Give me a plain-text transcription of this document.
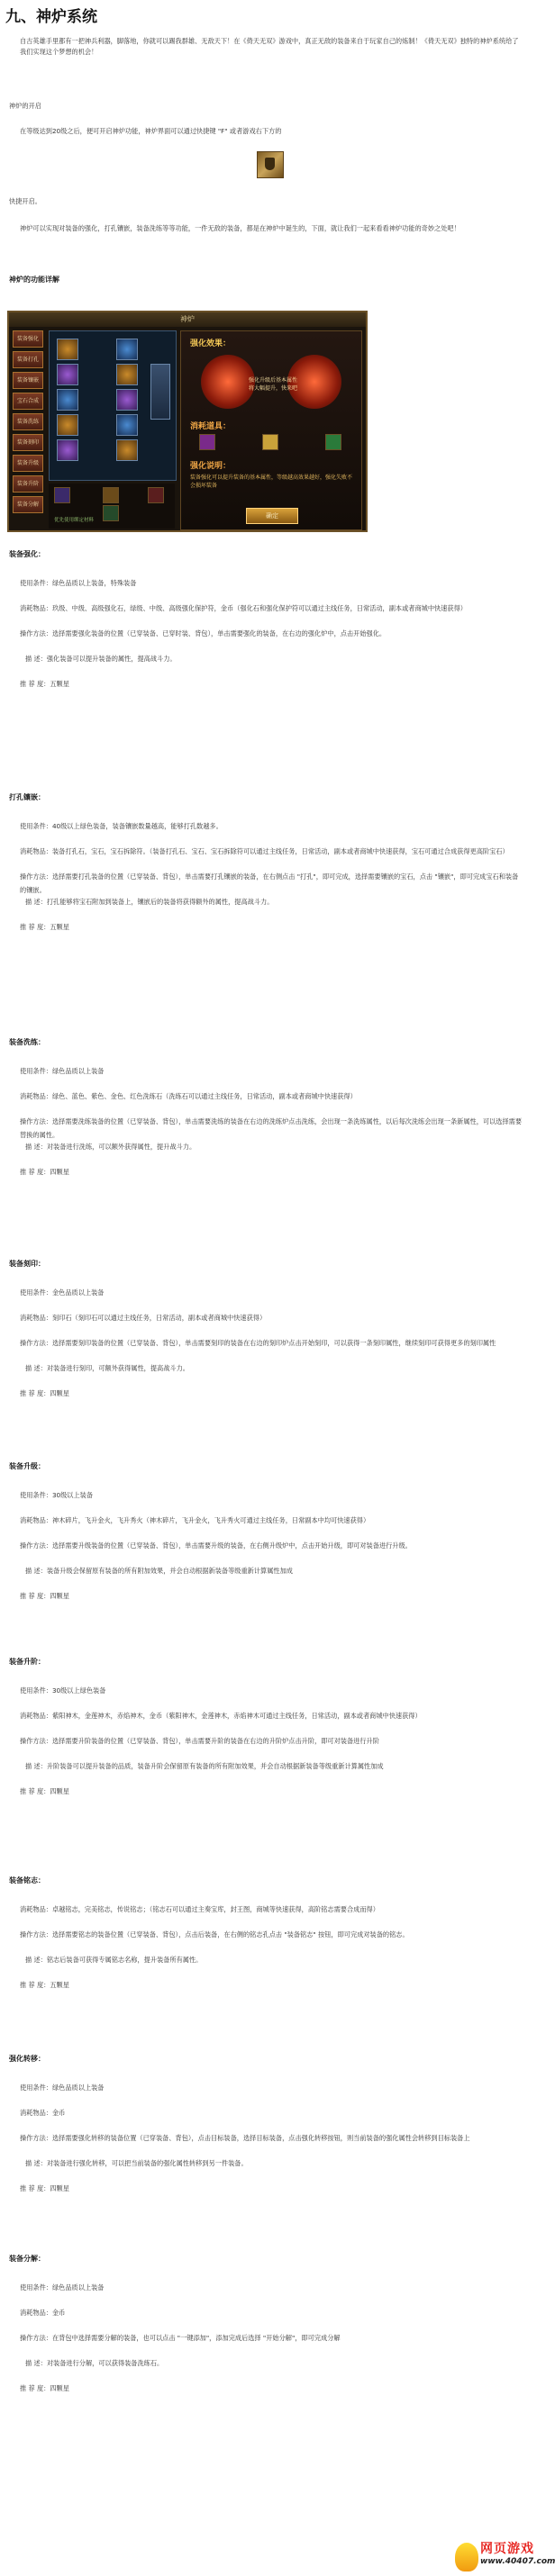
九、神炉系统
自古英雄手里都有一把神兵利器，脚落地，你就可以踢我群雄、无敌天下！在《倚天无双》游戏中，真正无敌的装备来自于玩家自己的炼制！《倚天无双》独特的神炉系统给了我们实现这个梦想的机会！
神炉的开启
在等级达到20级之后，便可开启神炉功能，神炉界面可以通过快捷键 "F" 或者游戏右下方的
快捷开启。
神炉可以实现对装备的强化，打孔镶嵌，装备洗练等等功能，一件无敌的装备，都是在神炉中诞生的，下面，就让我们一起来看看神炉功能的奇妙之处吧！
神炉的功能详解
神炉
装备强化
装备打孔
装备镶嵌
宝石合成
装备洗练
装备刻印
装备升级
装备升阶
装备分解
优先使用绑定材料
强化效果：
强化升级后基本属性
将大幅提升，快来吧
消耗道具：
强化说明：
装备强化可以提升装备的基本属性，等级越高效果越好，强化失败不会损坏装备
确定
装备强化：
使用条件：绿色品质以上装备，特殊装备
消耗物品：玖级、中级、高级强化石，绿级、中级、高级强化保护符，金币（强化石和强化保护符可以通过主线任务，日常活动，副本或者商城中快速获得）
操作方法：选择需要强化装备的位置（已穿装备、已穿时装、背包），单击需要强化的装备，在右边的强化炉中，点击开始强化。
描 述：强化装备可以提升装备的属性，提高战斗力。
推 荐 度：五颗星
打孔镶嵌：
使用条件：40级以上绿色装备，装备镶嵌数量越高，能够打孔数越多。
消耗物品：装备打孔石，宝石，宝石拆除符。（装备打孔石、宝石、宝石拆除符可以通过主线任务，日常活动，副本或者商城中快速获得，宝石可通过合成获得更高阶宝石）
操作方法：选择需要打孔装备的位置（已穿装备、背包），单击需要打孔镶嵌的装备，在右侧点击 "打孔"，即可完成，选择需要镶嵌的宝石，点击 "镶嵌"，即可完成宝石和装备的镶嵌。
描 述：打孔能够将宝石附加到装备上，镶嵌后的装备将获得额外的属性，提高战斗力。
推 荐 度：五颗星
装备洗练：
使用条件：绿色品质以上装备
消耗物品：绿色、蓝色、紫色、金色、红色洗练石（洗练石可以通过主线任务，日常活动，副本或者商城中快速获得）
操作方法：选择需要洗练装备的位置（已穿装备、背包），单击需要洗练的装备在右边的洗练炉点击洗练，会出现一条洗练属性，以后每次洗练会出现一条新属性，可以选择需要替换的属性。
描 述：对装备进行洗练，可以额外获得属性，提升战斗力。
推 荐 度：四颗星
装备刻印：
使用条件：金色品质以上装备
消耗物品：刻印石（刻印石可以通过主线任务，日常活动，副本或者商城中快速获得）
操作方法：选择需要刻印装备的位置（已穿装备、背包），单击需要刻印的装备在右边的刻印炉点击开始刻印，可以获得一条刻印属性，继续刻印可获得更多的刻印属性
描 述：对装备进行刻印，可额外获得属性，提高战斗力。
推 荐 度：四颗星
装备升级：
使用条件：30级以上装备
消耗物品：神木碎片，飞升金火，飞升秀火（神木碎片，飞升金火，飞升秀火可通过主线任务，日常副本中均可快速获得）
操作方法：选择需要升级装备的位置（已穿装备、背包），单击需要升级的装备，在右侧升级炉中，点击开始升级，即可对装备进行升级。
描 述：装备升级会保留原有装备的所有附加效果，并会自动根据新装备等级重新计算属性加成
推 荐 度：四颗星
装备升阶：
使用条件：30级以上绿色装备
消耗物品：紫阳神木，金莲神木，赤焰神木，金币（紫阳神木，金莲神木，赤焰神木可通过主线任务，日常活动，副本或者商城中快速获得）
操作方法：选择需要升阶装备的位置（已穿装备、背包），单击需要升阶的装备在右边的升阶炉点击升阶，即可对装备进行升阶
描 述：升阶装备可以提升装备的品质，装备升阶会保留原有装备的所有附加效果，并会自动根据新装备等级重新计算属性加成
推 荐 度：四颗星
装备铭志：
消耗物品：卓越铭志，完美铭志，传说铭志；（铭志石可以通过主奏宝库，封王图，商城等快速获得，高阶铭志需要合成而得）
操作方法：选择需要铭志的装备位置（已穿装备、背包），点击后装备，在右侧的铭志孔点击 "装备铭志" 按钮，即可完成对装备的铭志。
描 述：铭志后装备可获得专属铭志名称，提升装备所有属性。
推 荐 度：五颗星
强化转移：
使用条件：绿色品质以上装备
消耗物品：金币
操作方法：选择需要强化转移的装备位置（已穿装备、背包），点击目标装备，选择目标装备，点击强化转移按钮，则当前装备的强化属性会转移到目标装备上
描 述：对装备进行强化转移，可以把当前装备的强化属性转移到另一件装备。
推 荐 度：四颗星
装备分解：
使用条件：绿色品质以上装备
消耗物品：金币
操作方法：在背包中选择需要分解的装备，也可以点击 "一键添加"，添加完成后选择 "开始分解"，即可完成分解
描 述：对装备进行分解，可以获得装备洗练石。
推 荐 度：四颗星
网页游戏
www.40407.com
